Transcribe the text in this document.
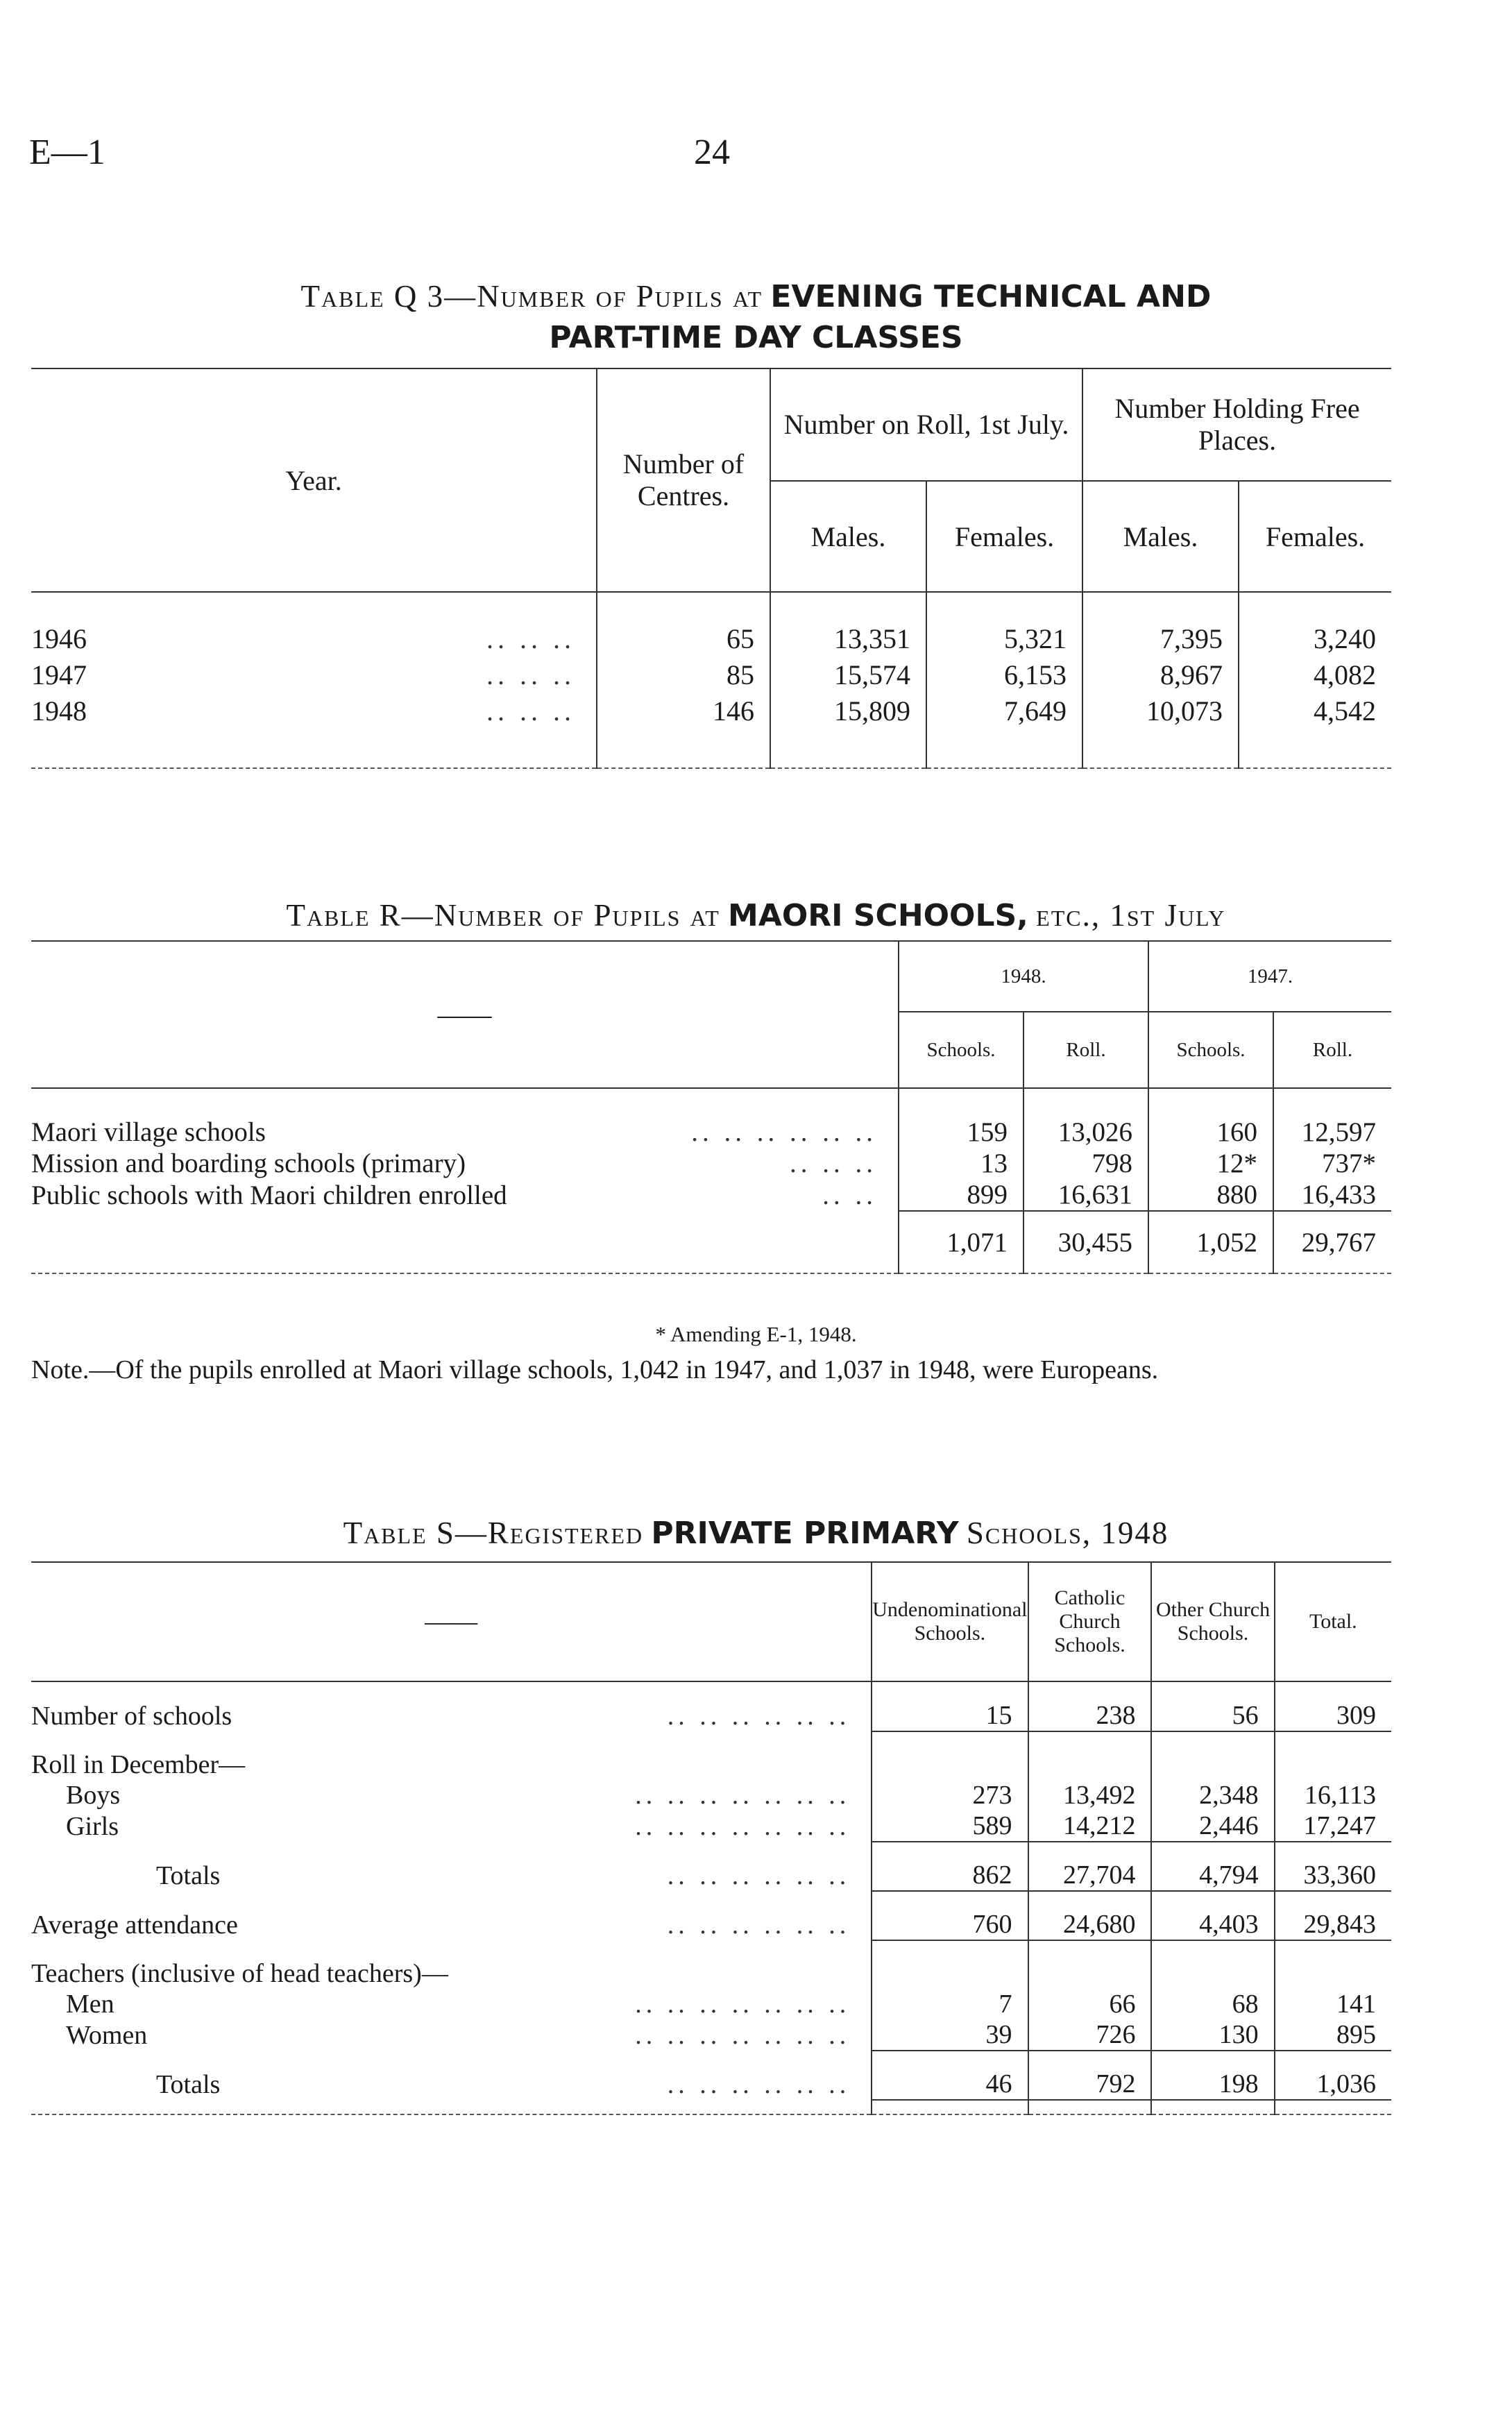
E—1	24
Table Q 3—Number of Pupils at EVENING TECHNICAL AND
PART-TIME DAY CLASSES
Year.	Number of Centres.	Number on Roll, 1st July.		Number Holding Free Places.	
		Males.	Females.	Males.	Females.

1946 .. .. ..	65	13,351	5,321	7,395	3,240
1947 .. .. ..	85	15,574	6,153	8,967	4,082
1948 .. .. ..	146	15,809	7,649	10,073	4,542

Table R—Number of Pupils at MAORI SCHOOLS, etc., 1st July
——	1948.		1947.	
	Schools.	Roll.	Schools.	Roll.

Maori village schools .. .. .. .. .. ..	159	13,026	160	12,597
Mission and boarding schools (primary) .. .. ..	13	798	12*	737*
Public schools with Maori children enrolled .. ..	899	16,631	880	16,433
	1,071	30,455	1,052	29,767
* Amending E-1, 1948.
Note.—Of the pupils enrolled at Maori village schools, 1,042 in 1947, and 1,037 in 1948, were Europeans.
Table S—Registered PRIVATE PRIMARY Schools, 1948
——	Undenominational Schools.	Catholic Church Schools.	Other Church Schools.	Total.

Number of schools .. .. .. .. .. ..	15	238	56	309

Roll in December—

Boys .. .. .. .. .. .. ..	273	13,492	2,348	16,113
Girls .. .. .. .. .. .. ..	589	14,212	2,446	17,247

Totals .. .. .. .. .. ..	862	27,704	4,794	33,360

Average attendance .. .. .. .. .. ..	760	24,680	4,403	29,843

Teachers (inclusive of head teachers)—

Men .. .. .. .. .. .. ..	7	66	68	141
Women .. .. .. .. .. .. ..	39	726	130	895

Totals .. .. .. .. .. ..	46	792	198	1,036
